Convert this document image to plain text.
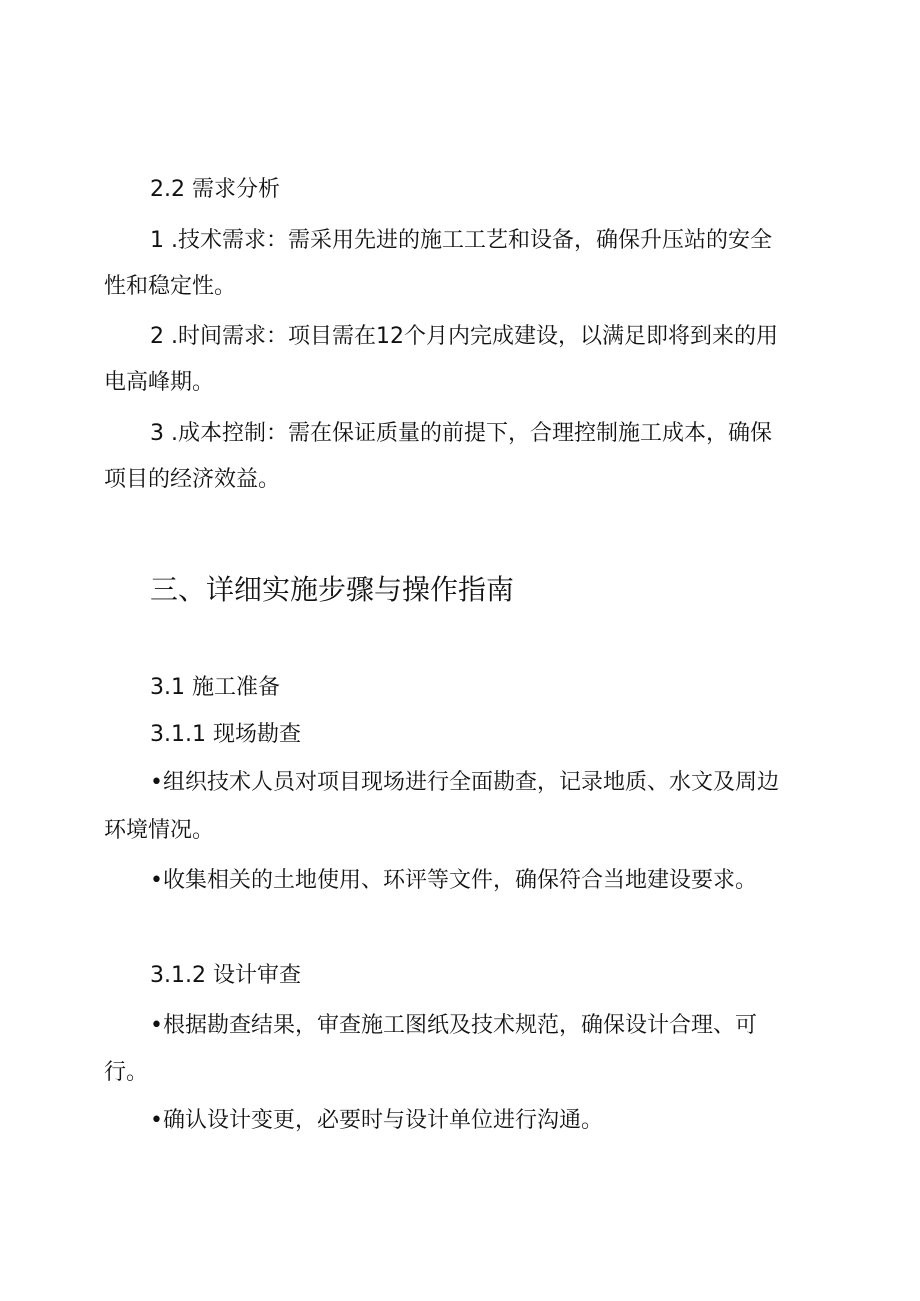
2.2 需求分析
1 .技术需求：需采用先进的施工工艺和设备，确保升压站的安全
性和稳定性。
2 .时间需求：项目需在12个月内完成建设，以满足即将到来的用
电高峰期。
3 .成本控制：需在保证质量的前提下，合理控制施工成本，确保
项目的经济效益。
三、详细实施步骤与操作指南
3.1 施工准备
3.1.1 现场勘查
•组织技术人员对项目现场进行全面勘查，记录地质、水文及周边
环境情况。
•收集相关的土地使用、环评等文件，确保符合当地建设要求。
3.1.2 设计审查
•根据勘查结果，审查施工图纸及技术规范，确保设计合理、可
行。
•确认设计变更，必要时与设计单位进行沟通。
